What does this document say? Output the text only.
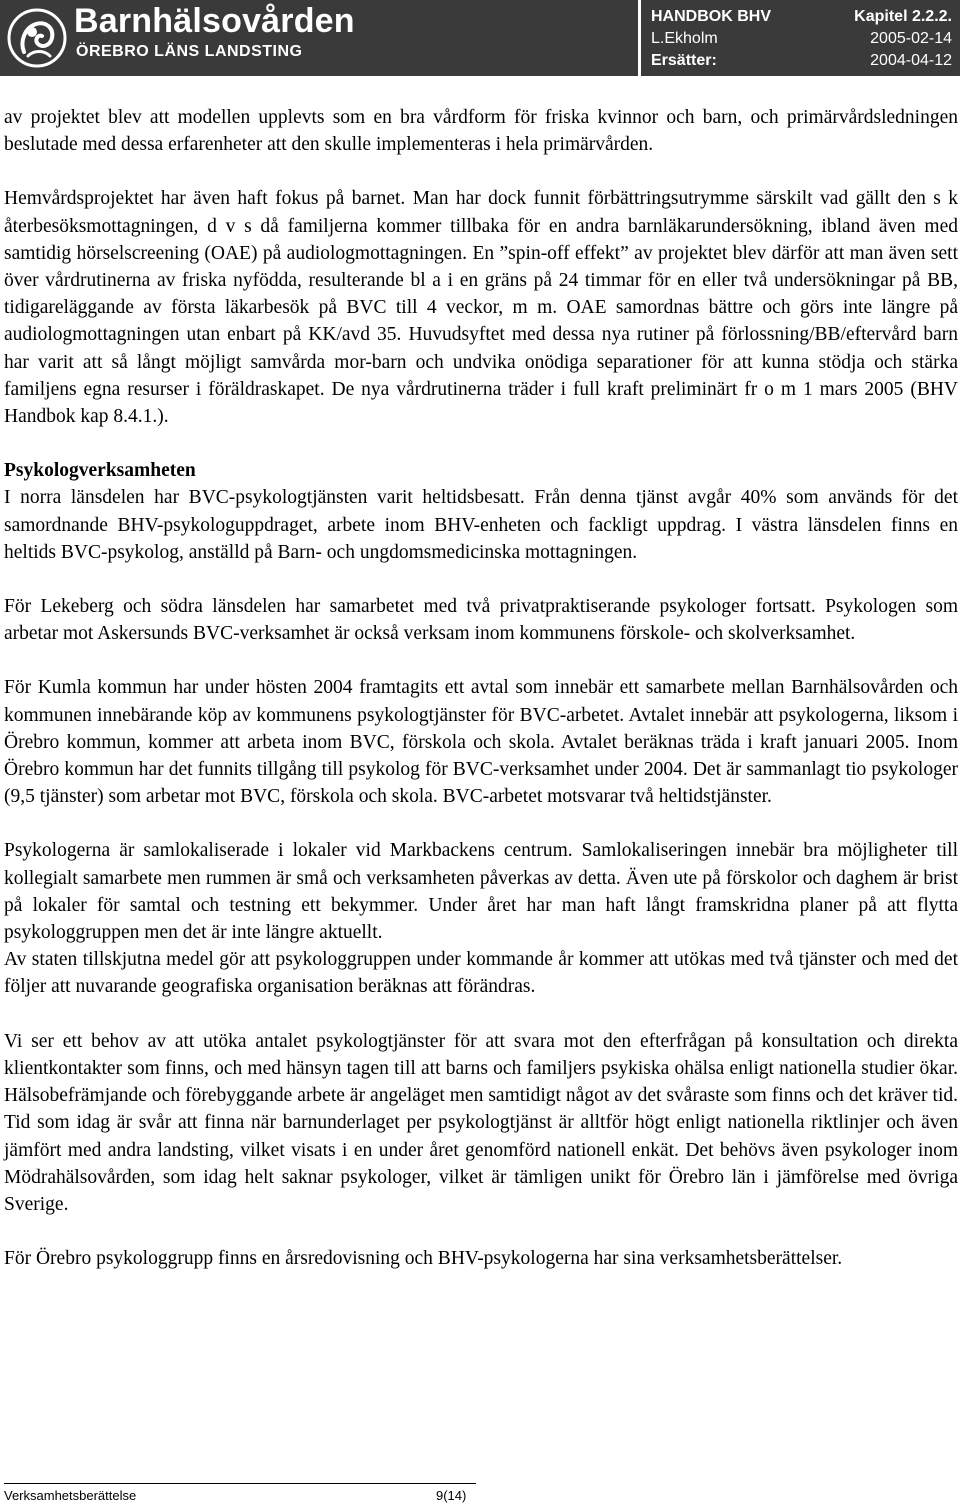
Barnhälsovården
ÖREBRO LÄNS LANDSTING
HANDBOK BHV	Kapitel 2.2.2.
L.Ekholm	2005-02-14
Ersätter:	2004-04-12

av projektet blev att modellen upplevts som en bra vårdform för friska kvinnor och barn, och primärvårdsledningen beslutade med dessa erfarenheter att den skulle implementeras i hela primärvården.

Hemvårdsprojektet har även haft fokus på barnet. Man har dock funnit förbättringsutrymme särskilt vad gällt den s k återbesöksmottagningen, d v s då familjerna kommer tillbaka för en andra barnläkarundersökning, ibland även med samtidig hörselscreening (OAE) på audiologmottagningen. En ”spin-off effekt” av projektet blev därför att man även sett över vårdrutinerna av friska nyfödda, resulterande bl a i en gräns på 24 timmar för en eller två undersökningar på BB, tidigareläggande av första läkarbesök på BVC till 4 veckor, m m. OAE samordnas bättre och görs inte längre på audiologmottagningen utan enbart på KK/avd 35. Huvudsyftet med dessa nya rutiner på förlossning/BB/eftervård barn har varit att så långt möjligt samvårda mor-barn och undvika onödiga separationer för att kunna stödja och stärka familjens egna resurser i föräldraskapet. De nya vårdrutinerna träder i full kraft preliminärt fr o m 1 mars 2005 (BHV Handbok kap 8.4.1.).

Psykologverksamheten

I norra länsdelen har BVC-psykologtjänsten varit heltidsbesatt. Från denna tjänst avgår 40% som används för det samordnande BHV-psykologuppdraget, arbete inom BHV-enheten och fackligt uppdrag. I västra länsdelen finns en heltids BVC-psykolog, anställd på Barn- och ungdomsmedicinska mottagningen.

För Lekeberg och södra länsdelen har samarbetet med två privatpraktiserande psykologer fortsatt. Psykologen som arbetar mot Askersunds BVC-verksamhet är också verksam inom kommunens förskole- och skolverksamhet.

För Kumla kommun har under hösten 2004 framtagits ett avtal som innebär ett samarbete mellan Barnhälsovården och kommunen innebärande köp av kommunens psykologtjänster för BVC-arbetet. Avtalet innebär att psykologerna, liksom i Örebro kommun, kommer att arbeta inom BVC, förskola och skola. Avtalet beräknas träda i kraft januari 2005. Inom Örebro kommun har det funnits tillgång till psykolog för BVC-verksamhet under 2004. Det är sammanlagt tio psykologer (9,5 tjänster) som arbetar mot BVC, förskola och skola. BVC-arbetet motsvarar två heltidstjänster.

Psykologerna är samlokaliserade i lokaler vid Markbackens centrum. Samlokaliseringen innebär bra möjligheter till kollegialt samarbete men rummen är små och verksamheten påverkas av detta. Även ute på förskolor och daghem är brist på lokaler för samtal och testning ett bekymmer. Under året har man haft långt framskridna planer på att flytta psykologgruppen men det är inte längre aktuellt.

Av staten tillskjutna medel gör att psykologgruppen under kommande år kommer att utökas med två tjänster och med det följer att nuvarande geografiska organisation beräknas att förändras.

Vi ser ett behov av att utöka antalet psykologtjänster för att svara mot den efterfrågan på konsultation och direkta klientkontakter som finns, och med hänsyn tagen till att barns och familjers psykiska ohälsa enligt nationella studier ökar. Hälsobefrämjande och förebyggande arbete är angeläget men samtidigt något av det svåraste som finns och det kräver tid. Tid som idag är svår att finna när barnunderlaget per psykologtjänst är alltför högt enligt nationella riktlinjer och även jämfört med andra landsting, vilket visats i en under året genomförd nationell enkät. Det behövs även psykologer inom Mödrahälsovården, som idag helt saknar psykologer, vilket är tämligen unikt för Örebro län i jämförelse med övriga Sverige.

För Örebro psykologgrupp finns en årsredovisning och BHV-psykologerna har sina verksamhetsberättelser.

Verksamhetsberättelse	9(14)
